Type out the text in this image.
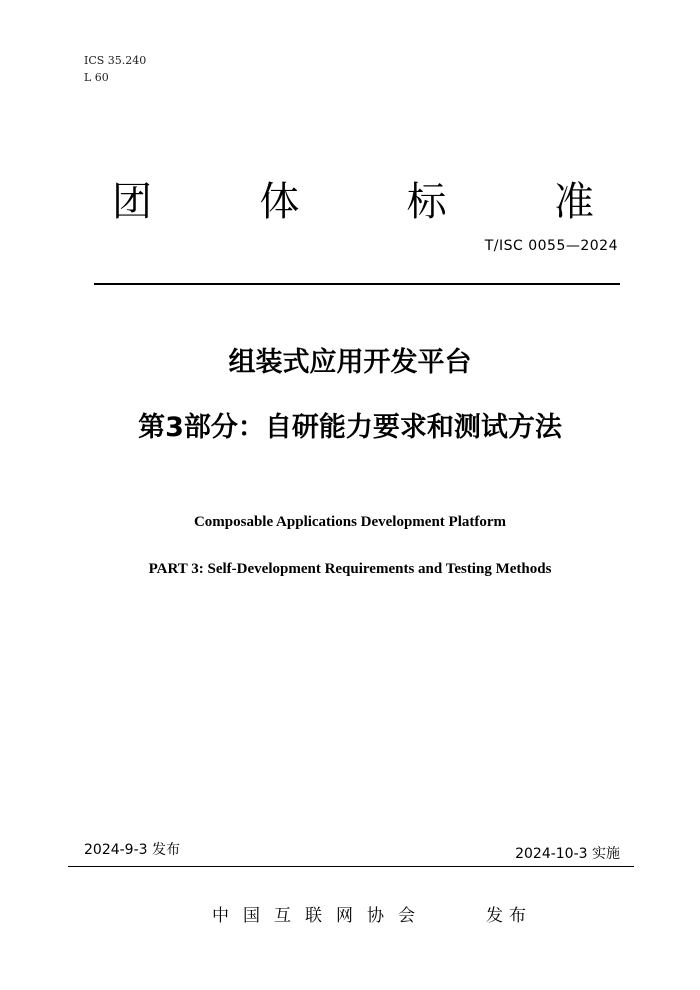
ICS 35.240
L 60
团	体	标	准
T/ISC 0055—2024
组装式应用开发平台
第3部分：自研能力要求和测试方法
Composable Applications Development Platform
PART 3: Self-Development Requirements and Testing Methods
2024-9-3 发布	2024-10-3 实施
中国互联网协会	发布
